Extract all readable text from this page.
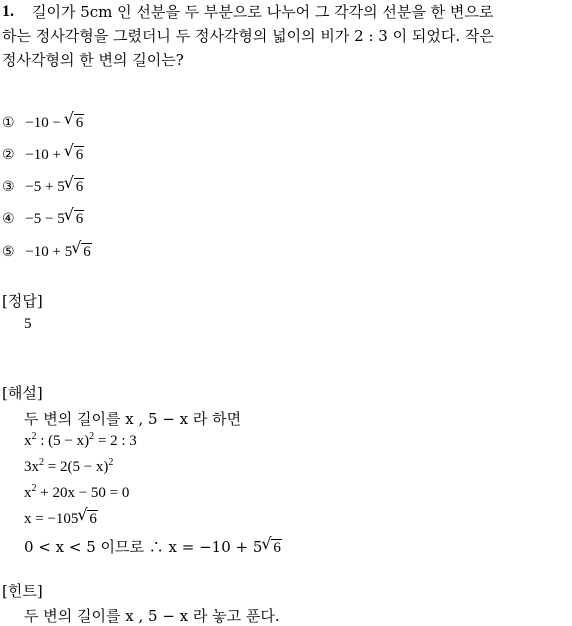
1. 길이가 5cm 인 선분을 두 부분으로 나누어 그 각각의 선분을 한 변으로
하는 정사각형을 그렸더니 두 정사각형의 넓이의 비가 2 : 3 이 되었다. 작은
정사각형의 한 변의 길이는?
① −10 − √ 6
② −10 + √ 6
③ −5 + 5 √ 6
④ −5 − 5 √ 6
⑤ −10 + 5 √ 6
[정답]
5
[해설]
두 변의 길이를 x , 5 − x 라 하면
$x^2$ : $(5 - x)^2 = 2$ : 3
$3x^2 = 2(5 - x)^2$
$x^2 + 20x - 50 = 0$
x = −105 √ 6
0 < x < 5 이므로 ∴ x = −10 + 5 √ 6
[힌트]
두 변의 길이를 x , 5 − x 라 놓고 푼다.
